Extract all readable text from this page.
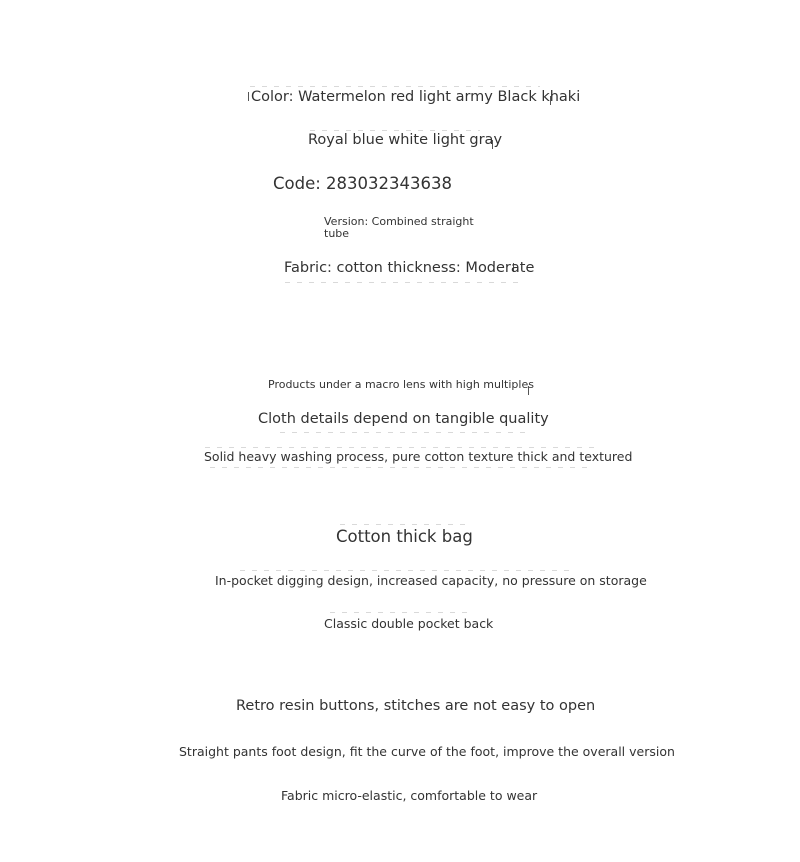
Color: Watermelon red light army Black khaki
Royal blue white light gray
Code: 283032343638
Version: Combined straight
tube
Fabric: cotton thickness: Moderate
Products under a macro lens with high multiples
Cloth details depend on tangible quality
Solid heavy washing process, pure cotton texture thick and textured
Cotton thick bag
In-pocket digging design, increased capacity, no pressure on storage
Classic double pocket back
Retro resin buttons, stitches are not easy to open
Straight pants foot design, fit the curve of the foot, improve the overall version
Fabric micro-elastic, comfortable to wear
